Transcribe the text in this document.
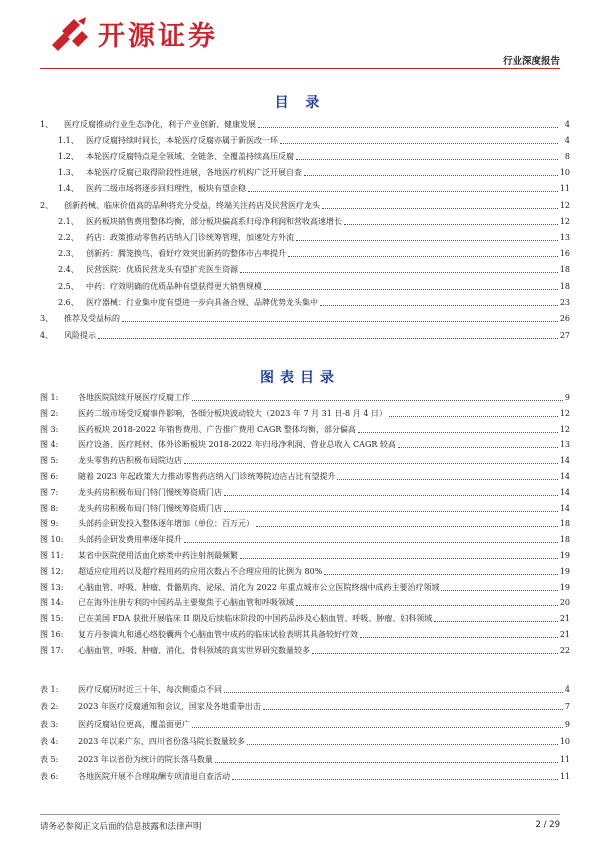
开源证券
行业深度报告
目 录
1、	医疗反腐推动行业生态净化，利于产业创新、健康发展	4
1.1、 医疗反腐持续时间长，本轮医疗反腐亦属于新医改一环	4
1.2、 本轮医疗反腐特点是全领域、全链条、全覆盖持续高压反腐	8
1.3、 本轮医疗反腐已取得阶段性进展，各地医疗机构广泛开展自查	10
1.4、 医药二级市场将逐步回归理性，板块有望企稳	11
2、	创新药械、临床价值高的品种将充分受益，终端关注药店及民营医疗龙头	12
2.1、 医药板块销售费用整体均衡，部分板块偏高系归母净利润和营收高速增长	12
2.2、 药店：政策推动零售药店纳入门诊统筹管理，加速处方外流	13
2.3、 创新药：腾笼换鸟，看好疗效突出新药的整体市占率提升	16
2.4、 民营医院：优质民营龙头有望扩充医生资源	18
2.5、 中药：疗效明确的优质品种有望获得更大销售规模	18
2.6、 医疗器械：行业集中度有望进一步向具备合规、品牌优势龙头集中	23
3、	推荐及受益标的	26
4、	风险提示	27
图表目录
图 1:	各地医院陆续开展医疗反腐工作	9
图 2:	医药二级市场受反腐事件影响，各细分板块波动较大（2023 年 7 月 31 日-8 月 4 日）	12
图 3:	医药板块 2018-2022 年销售费用、广告推广费用 CAGR 整体均衡，部分偏高	12
图 4:	医疗设备、医疗耗材、体外诊断板块 2018-2022 年归母净利润、营业总收入 CAGR 较高	13
图 5:	龙头零售药店积极布局院边店	14
图 6:	随着 2023 年起政策大力推动零售药店纳入门诊统筹院边店占比有望提升	14
图 7:	龙头药房积极布局门特门慢统筹资质门店	14
图 8:	龙头药房积极布局门特门慢统筹资质门店	14
图 9:	头部药企研发投入整体逐年增加（单位：百万元）	18
图 10:	头部药企研发费用率逐年提升	18
图 11:	某省中医院使用活血化瘀类中药注射剂最频繁	19
图 12:	超适应症用药以及超疗程用药的应用次数占不合理应用的比例为 80%	19
图 13:	心脑血管、呼吸、肿瘤、骨骼肌肉、泌尿、消化为 2022 年重点城市公立医院终端中成药主要治疗领域	19
图 14:	已在海外注册专利的中国药品主要聚焦于心脑血管和呼吸领域	20
图 15:	已在美国 FDA 获批开展临床 II 期及后续临床阶段的中国药品涉及心脑血管、呼吸、肿瘤、妇科领域	21
图 16:	复方丹参滴丸和通心络胶囊两个心脑血管中成药的临床试验表明其具备较好疗效	21
图 17:	心脑血管、呼吸、肿瘤、消化、骨科领域的真实世界研究数量较多	22
表 1:	医疗反腐历时近三十年，每次侧重点不同	4
表 2:	2023 年医疗反腐通知和会议，国家及各地重拳出击	7
表 3:	医药反腐站位更高，覆盖面更广	9
表 4:	2023 年以来广东、四川省份落马院长数量较多	10
表 5:	2023 年以省份为统计的院长落马数量	11
表 6:	各地医院开展不合理取酬专项清退自查活动	11
请务必参阅正文后面的信息披露和法律声明	2 / 29
